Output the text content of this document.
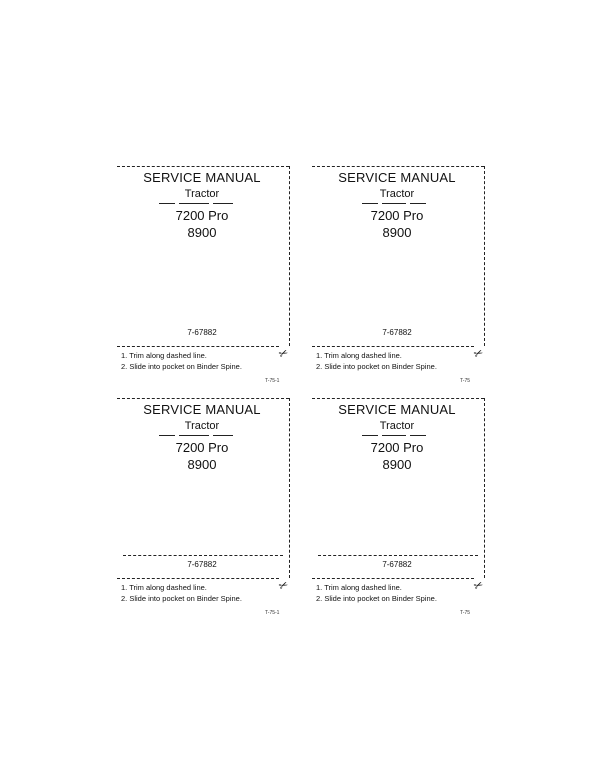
SERVICE MANUAL
Tractor
7200 Pro
8900
7-67882
1. Trim along dashed line.
2. Slide into pocket on Binder Spine.
✂
T-75-1
SERVICE MANUAL
Tractor
7200 Pro
8900
7-67882
1. Trim along dashed line.
2. Slide into pocket on Binder Spine.
✂
T-75
SERVICE MANUAL
Tractor
7200 Pro
8900
7-67882
1. Trim along dashed line.
2. Slide into pocket on Binder Spine.
✂
T-75-1
SERVICE MANUAL
Tractor
7200 Pro
8900
7-67882
1. Trim along dashed line.
2. Slide into pocket on Binder Spine.
✂
T-75
